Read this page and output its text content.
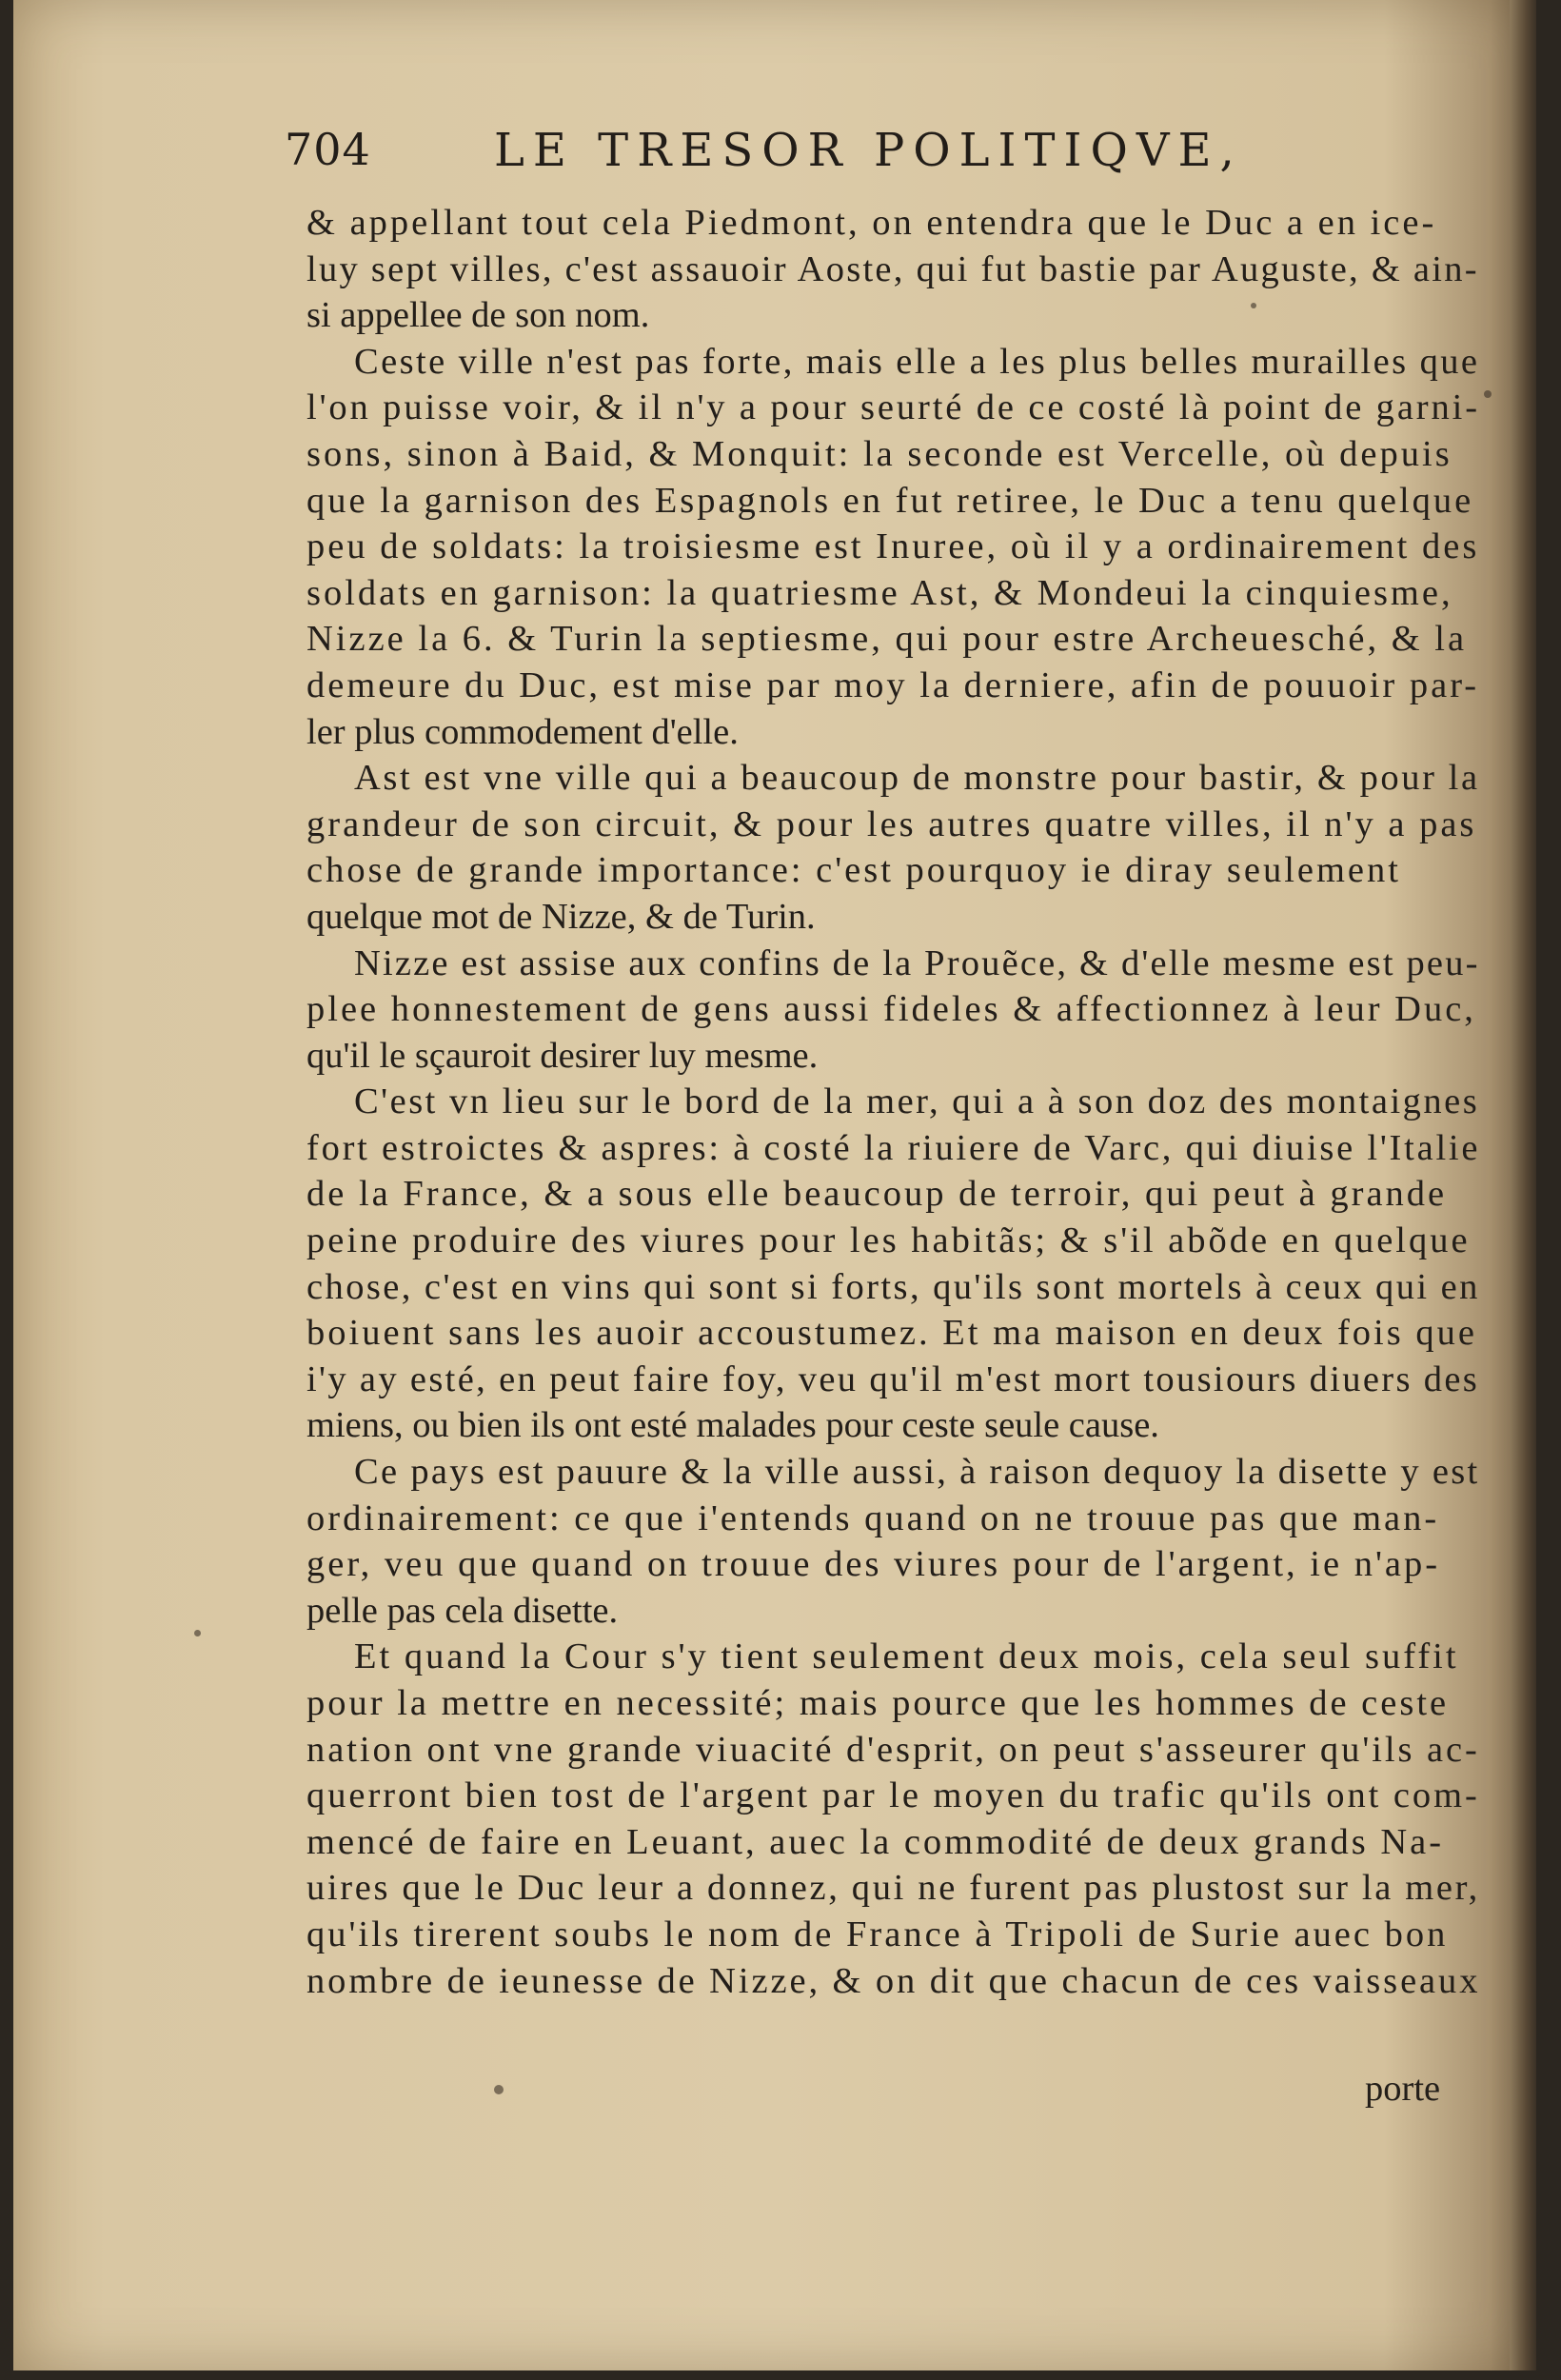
704	LE TRESOR POLITIQVE,
& appellant tout cela Piedmont, on entendra que le Duc a en ice-
luy sept villes, c'est assauoir Aoste, qui fut bastie par Auguste, & ain-
si appellee de son nom.
Ceste ville n'est pas forte, mais elle a les plus belles murailles que
l'on puisse voir, & il n'y a pour seurté de ce costé là point de garni-
sons, sinon à Baid, & Monquit: la seconde est Vercelle, où depuis
que la garnison des Espagnols en fut retiree, le Duc a tenu quelque
peu de soldats: la troisiesme est Inuree, où il y a ordinairement des
soldats en garnison: la quatriesme Ast, & Mondeui la cinquiesme,
Nizze la 6. & Turin la septiesme, qui pour estre Archeuesché, & la
demeure du Duc, est mise par moy la derniere, afin de pouuoir par-
ler plus commodement d'elle.
Ast est vne ville qui a beaucoup de monstre pour bastir, & pour la
grandeur de son circuit, & pour les autres quatre villes, il n'y a pas
chose de grande importance: c'est pourquoy ie diray seulement
quelque mot de Nizze, & de Turin.
Nizze est assise aux confins de la Prouẽce, & d'elle mesme est peu-
plee honnestement de gens aussi fideles & affectionnez à leur Duc,
qu'il le sçauroit desirer luy mesme.
C'est vn lieu sur le bord de la mer, qui a à son doz des montaignes
fort estroictes & aspres: à costé la riuiere de Varc, qui diuise l'Italie
de la France, & a sous elle beaucoup de terroir, qui peut à grande
peine produire des viures pour les habitãs; & s'il abõde en quelque
chose, c'est en vins qui sont si forts, qu'ils sont mortels à ceux qui en
boiuent sans les auoir accoustumez. Et ma maison en deux fois que
i'y ay esté, en peut faire foy, veu qu'il m'est mort tousiours diuers des
miens, ou bien ils ont esté malades pour ceste seule cause.
Ce pays est pauure & la ville aussi, à raison dequoy la disette y est
ordinairement: ce que i'entends quand on ne trouue pas que man-
ger, veu que quand on trouue des viures pour de l'argent, ie n'ap-
pelle pas cela disette.
Et quand la Cour s'y tient seulement deux mois, cela seul suffit
pour la mettre en necessité; mais pource que les hommes de ceste
nation ont vne grande viuacité d'esprit, on peut s'asseurer qu'ils ac-
querront bien tost de l'argent par le moyen du trafic qu'ils ont com-
mencé de faire en Leuant, auec la commodité de deux grands Na-
uires que le Duc leur a donnez, qui ne furent pas plustost sur la mer,
qu'ils tirerent soubs le nom de France à Tripoli de Surie auec bon
nombre de ieunesse de Nizze, & on dit que chacun de ces vaisseaux
porte
